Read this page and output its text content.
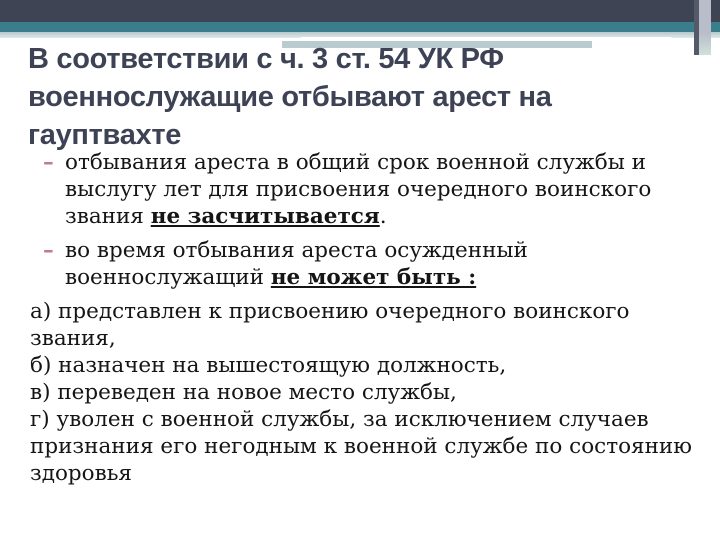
В соответствии с ч. 3 ст. 54 УК РФ
военнослужащие отбывают арест на
гауптвахте

– отбывания ареста в общий срок военной службы и выслугу лет для присвоения очередного воинского звания не засчитывается.

– во время отбывания ареста осужденный военнослужащий не может быть :

а) представлен к присвоению очередного воинского звания,

б) назначен на вышестоящую должность,

в) переведен на новое место службы,

г) уволен с военной службы, за исключением случаев признания его негодным к военной службе по состоянию здоровья
